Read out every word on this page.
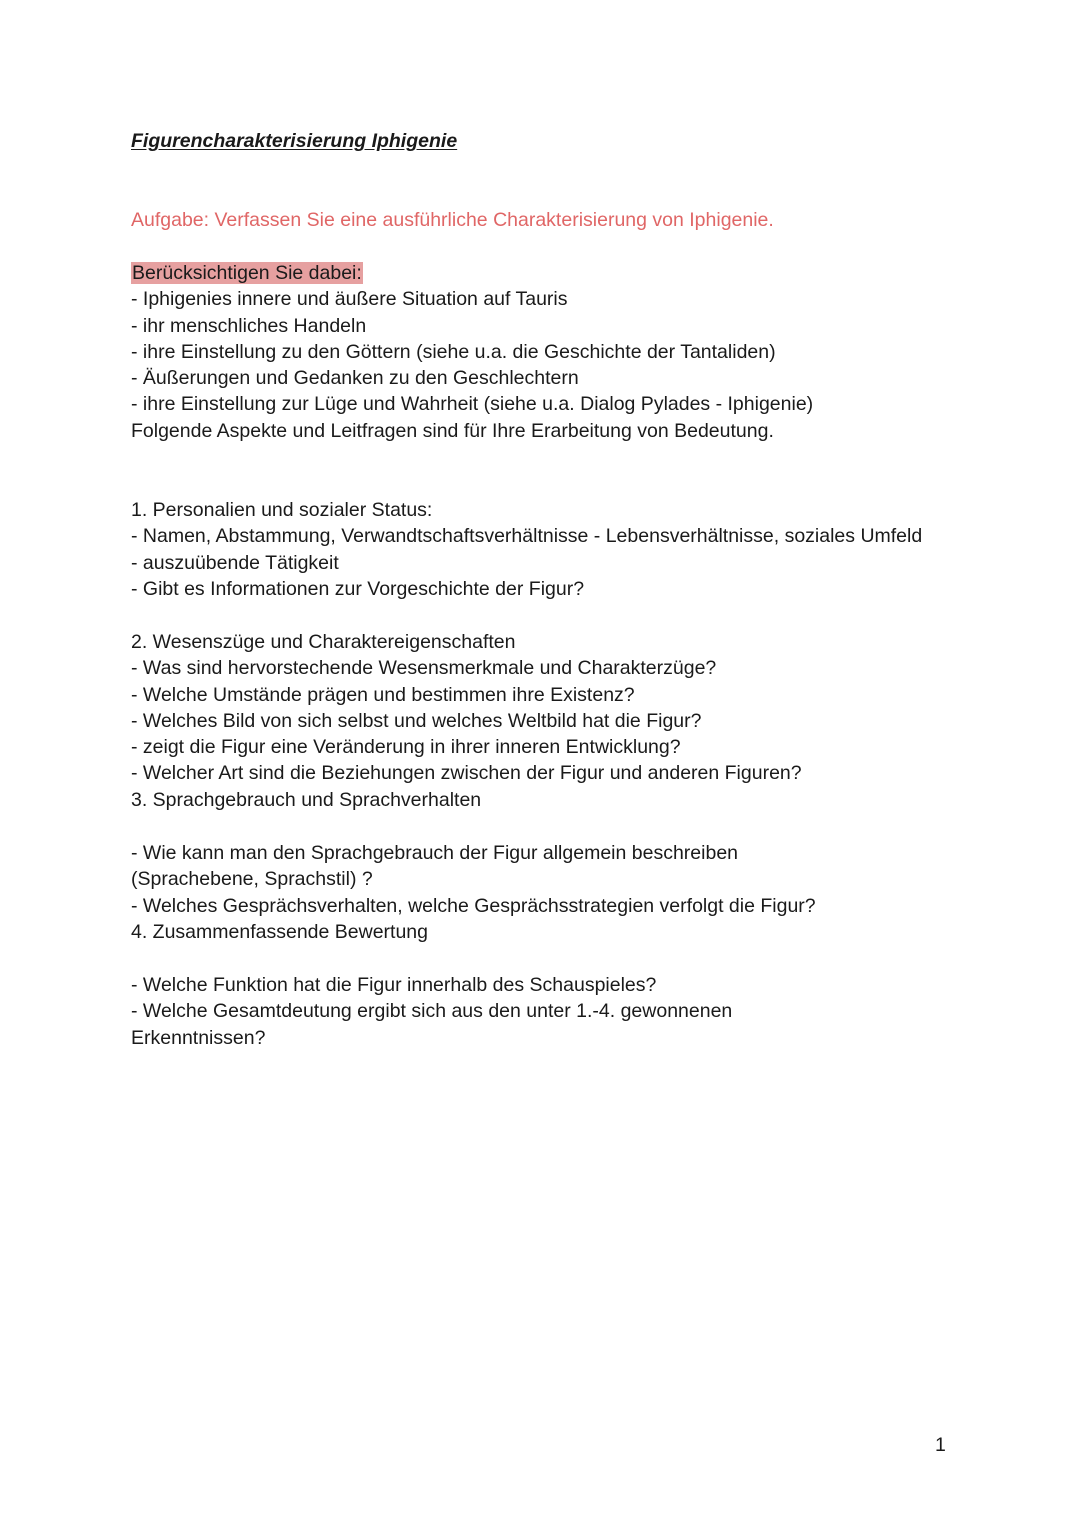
Figurencharakterisierung Iphigenie
Aufgabe: Verfassen Sie eine ausführliche Charakterisierung von Iphigenie.
Berücksichtigen Sie dabei:
- Iphigenies innere und äußere Situation auf Tauris
- ihr menschliches Handeln
- ihre Einstellung zu den Göttern (siehe u.a. die Geschichte der Tantaliden)
- Äußerungen und Gedanken zu den Geschlechtern
- ihre Einstellung zur Lüge und Wahrheit (siehe u.a. Dialog Pylades - Iphigenie)
Folgende Aspekte und Leitfragen sind für Ihre Erarbeitung von Bedeutung.
1. Personalien und sozialer Status:
- Namen, Abstammung, Verwandtschaftsverhältnisse - Lebensverhältnisse, soziales Umfeld
- auszuübende Tätigkeit
- Gibt es Informationen zur Vorgeschichte der Figur?
2. Wesenszüge und Charaktereigenschaften
- Was sind hervorstechende Wesensmerkmale und Charakterzüge?
- Welche Umstände prägen und bestimmen ihre Existenz?
- Welches Bild von sich selbst und welches Weltbild hat die Figur?
- zeigt die Figur eine Veränderung in ihrer inneren Entwicklung?
- Welcher Art sind die Beziehungen zwischen der Figur und anderen Figuren?
3. Sprachgebrauch und Sprachverhalten
- Wie kann man den Sprachgebrauch der Figur allgemein beschreiben
(Sprachebene, Sprachstil) ?
- Welches Gesprächsverhalten, welche Gesprächsstrategien verfolgt die Figur?
4. Zusammenfassende Bewertung
- Welche Funktion hat die Figur innerhalb des Schauspieles?
- Welche Gesamtdeutung ergibt sich aus den unter 1.-4. gewonnenen
Erkenntnissen?
1
